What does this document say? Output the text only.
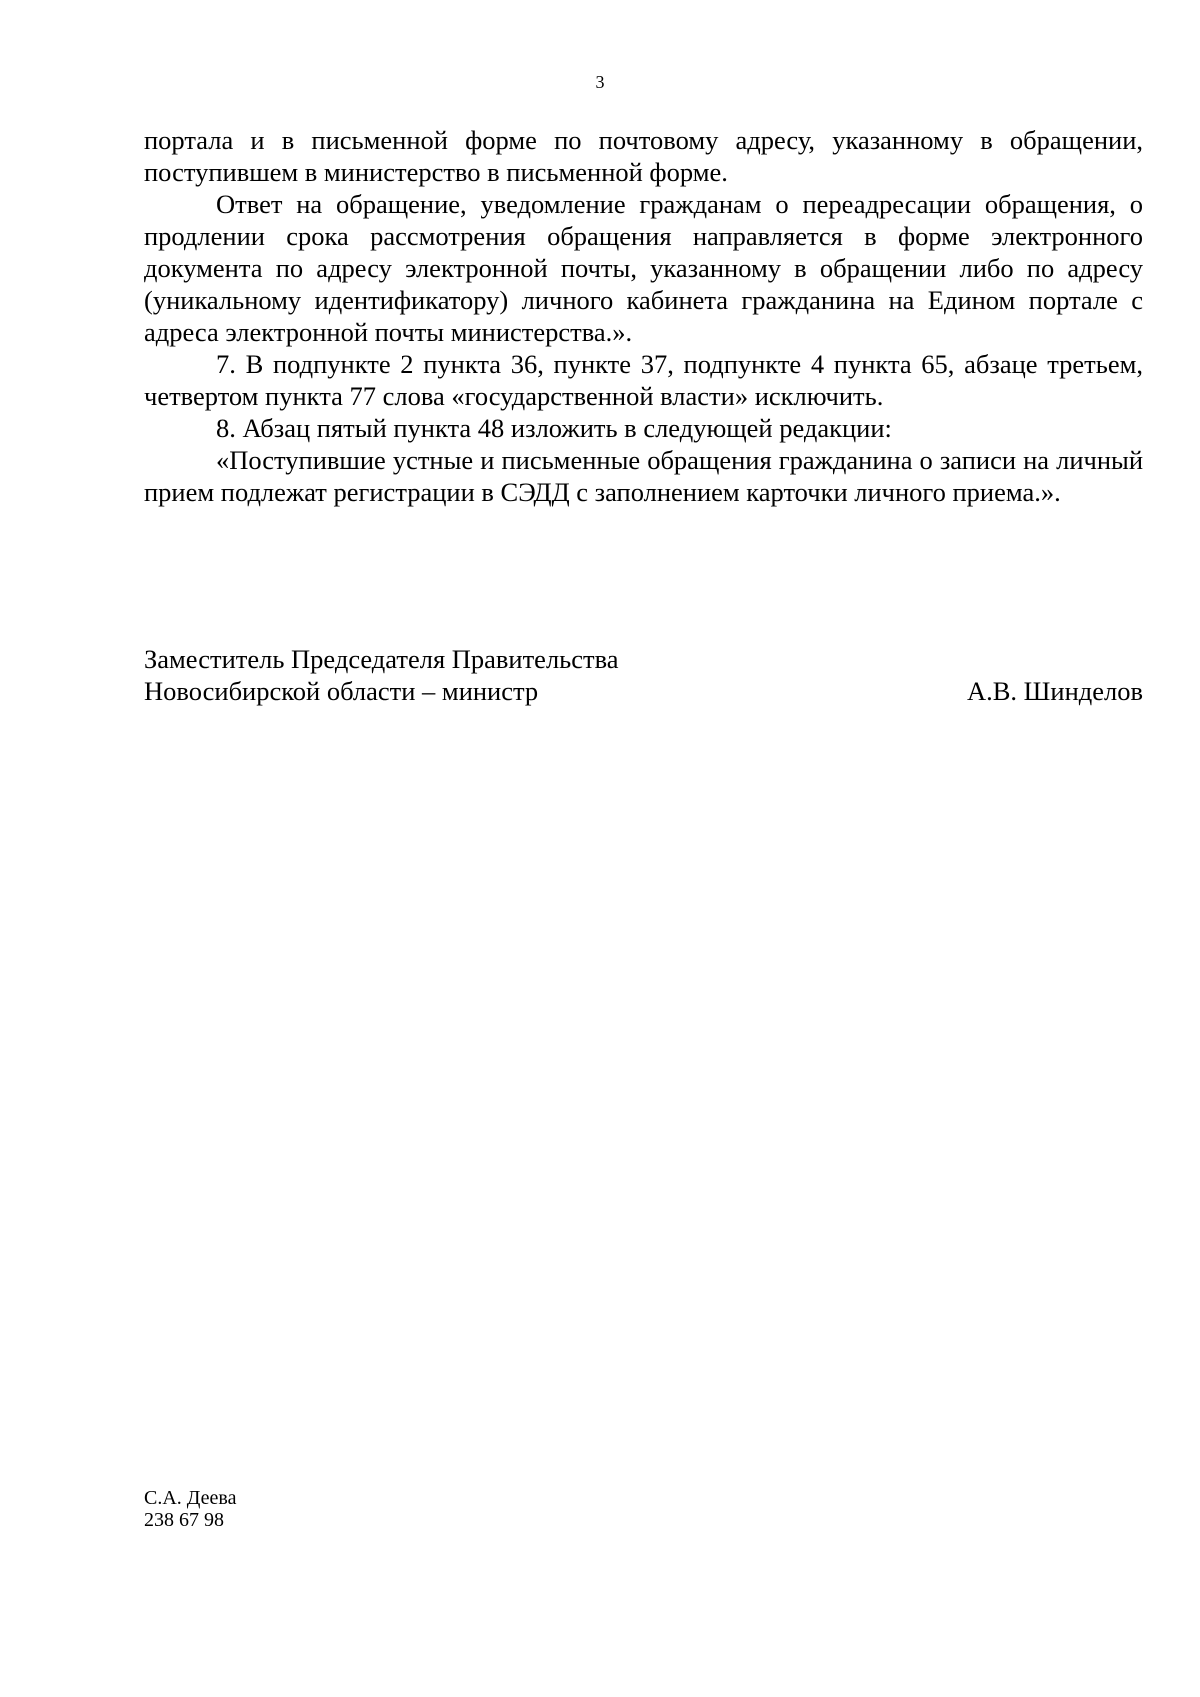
3

портала и в письменной форме по почтовому адресу, указанному в обращении, поступившем в министерство в письменной форме.

Ответ на обращение, уведомление гражданам о переадресации обращения, о продлении срока рассмотрения обращения направляется в форме электронного документа по адресу электронной почты, указанному в обращении либо по адресу (уникальному идентификатору) личного кабинета гражданина на Едином портале с адреса электронной почты министерства.».

7. В подпункте 2 пункта 36, пункте 37, подпункте 4 пункта 65, абзаце третьем, четвертом пункта 77 слова «государственной власти» исключить.

8. Абзац пятый пункта 48 изложить в следующей редакции:

«Поступившие устные и письменные обращения гражданина о записи на личный прием подлежат регистрации в СЭДД с заполнением карточки личного приема.».

Заместитель Председателя Правительства
Новосибирской области – министр	А.В. Шинделов
С.А. Деева
238 67 98
